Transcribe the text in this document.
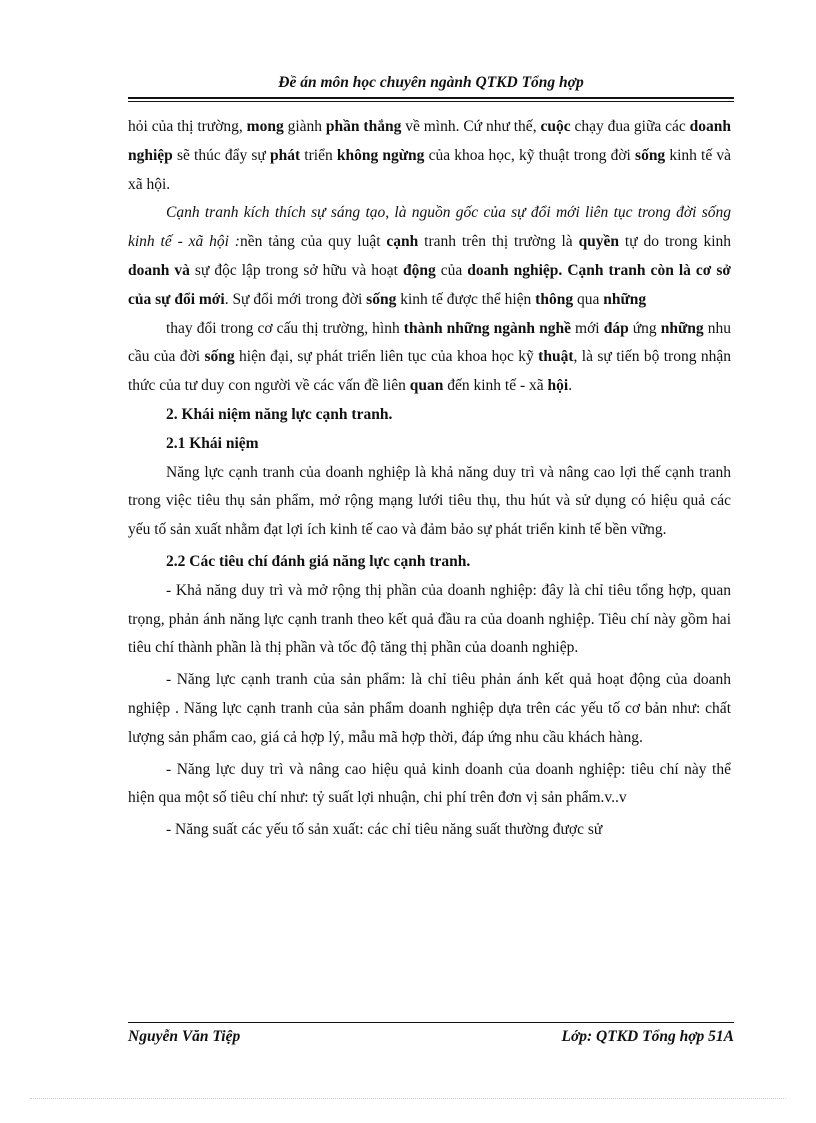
Đề án môn học chuyên ngành QTKD Tổng hợp

hỏi của thị trường, mong giành phần thắng về mình. Cứ như thế, cuộc chạy đua giữa các doanh nghiệp sẽ thúc đẩy sự phát triển không ngừng của khoa học, kỹ thuật trong đời sống kinh tế và xã hội.

Cạnh tranh kích thích sự sáng tạo, là nguồn gốc của sự đổi mới liên tục trong đời sống kinh tế - xã hội :nền tảng của quy luật cạnh tranh trên thị trường là quyền tự do trong kinh doanh và sự độc lập trong sở hữu và hoạt động của doanh nghiệp. Cạnh tranh còn là cơ sở của sự đổi mới. Sự đổi mới trong đời sống kinh tế được thể hiện thông qua những

thay đổi trong cơ cấu thị trường, hình thành những ngành nghề mới đáp ứng những nhu cầu của đời sống hiện đại, sự phát triển liên tục của khoa học kỹ thuật, là sự tiến bộ trong nhận thức của tư duy con người về các vấn đề liên quan đến kinh tế - xã hội.

2. Khái niệm năng lực cạnh tranh.

2.1 Khái niệm

Năng lực cạnh tranh của doanh nghiệp là khả năng duy trì và nâng cao lợi thế cạnh tranh trong việc tiêu thụ sản phẩm, mở rộng mạng lưới tiêu thụ, thu hút và sử dụng có hiệu quả các yếu tố sản xuất nhằm đạt lợi ích kinh tế cao và đảm bảo sự phát triển kinh tế bền vững.

2.2 Các tiêu chí đánh giá năng lực cạnh tranh.

- Khả năng duy trì và mở rộng thị phần của doanh nghiệp: đây là chỉ tiêu tổng hợp, quan trọng, phản ánh năng lực cạnh tranh theo kết quả đầu ra của doanh nghiệp. Tiêu chí này gồm hai tiêu chí thành phần là thị phần và tốc độ tăng thị phần của doanh nghiệp.

- Năng lực cạnh tranh của sản phẩm: là chỉ tiêu phản ánh kết quả hoạt động của doanh nghiệp . Năng lực cạnh tranh của sản phẩm doanh nghiệp dựa trên các yếu tố cơ bản như: chất lượng sản phẩm cao, giá cả hợp lý, mẫu mã hợp thời, đáp ứng nhu cầu khách hàng.

- Năng lực duy trì và nâng cao hiệu quả kinh doanh của doanh nghiệp: tiêu chí này thể hiện qua một số tiêu chí như: tỷ suất lợi nhuận, chi phí trên đơn vị sản phẩm.v..v

- Năng suất các yếu tố sản xuất: các chỉ tiêu năng suất thường được sử

Nguyễn Văn Tiệp	Lớp: QTKD Tổng hợp 51A
